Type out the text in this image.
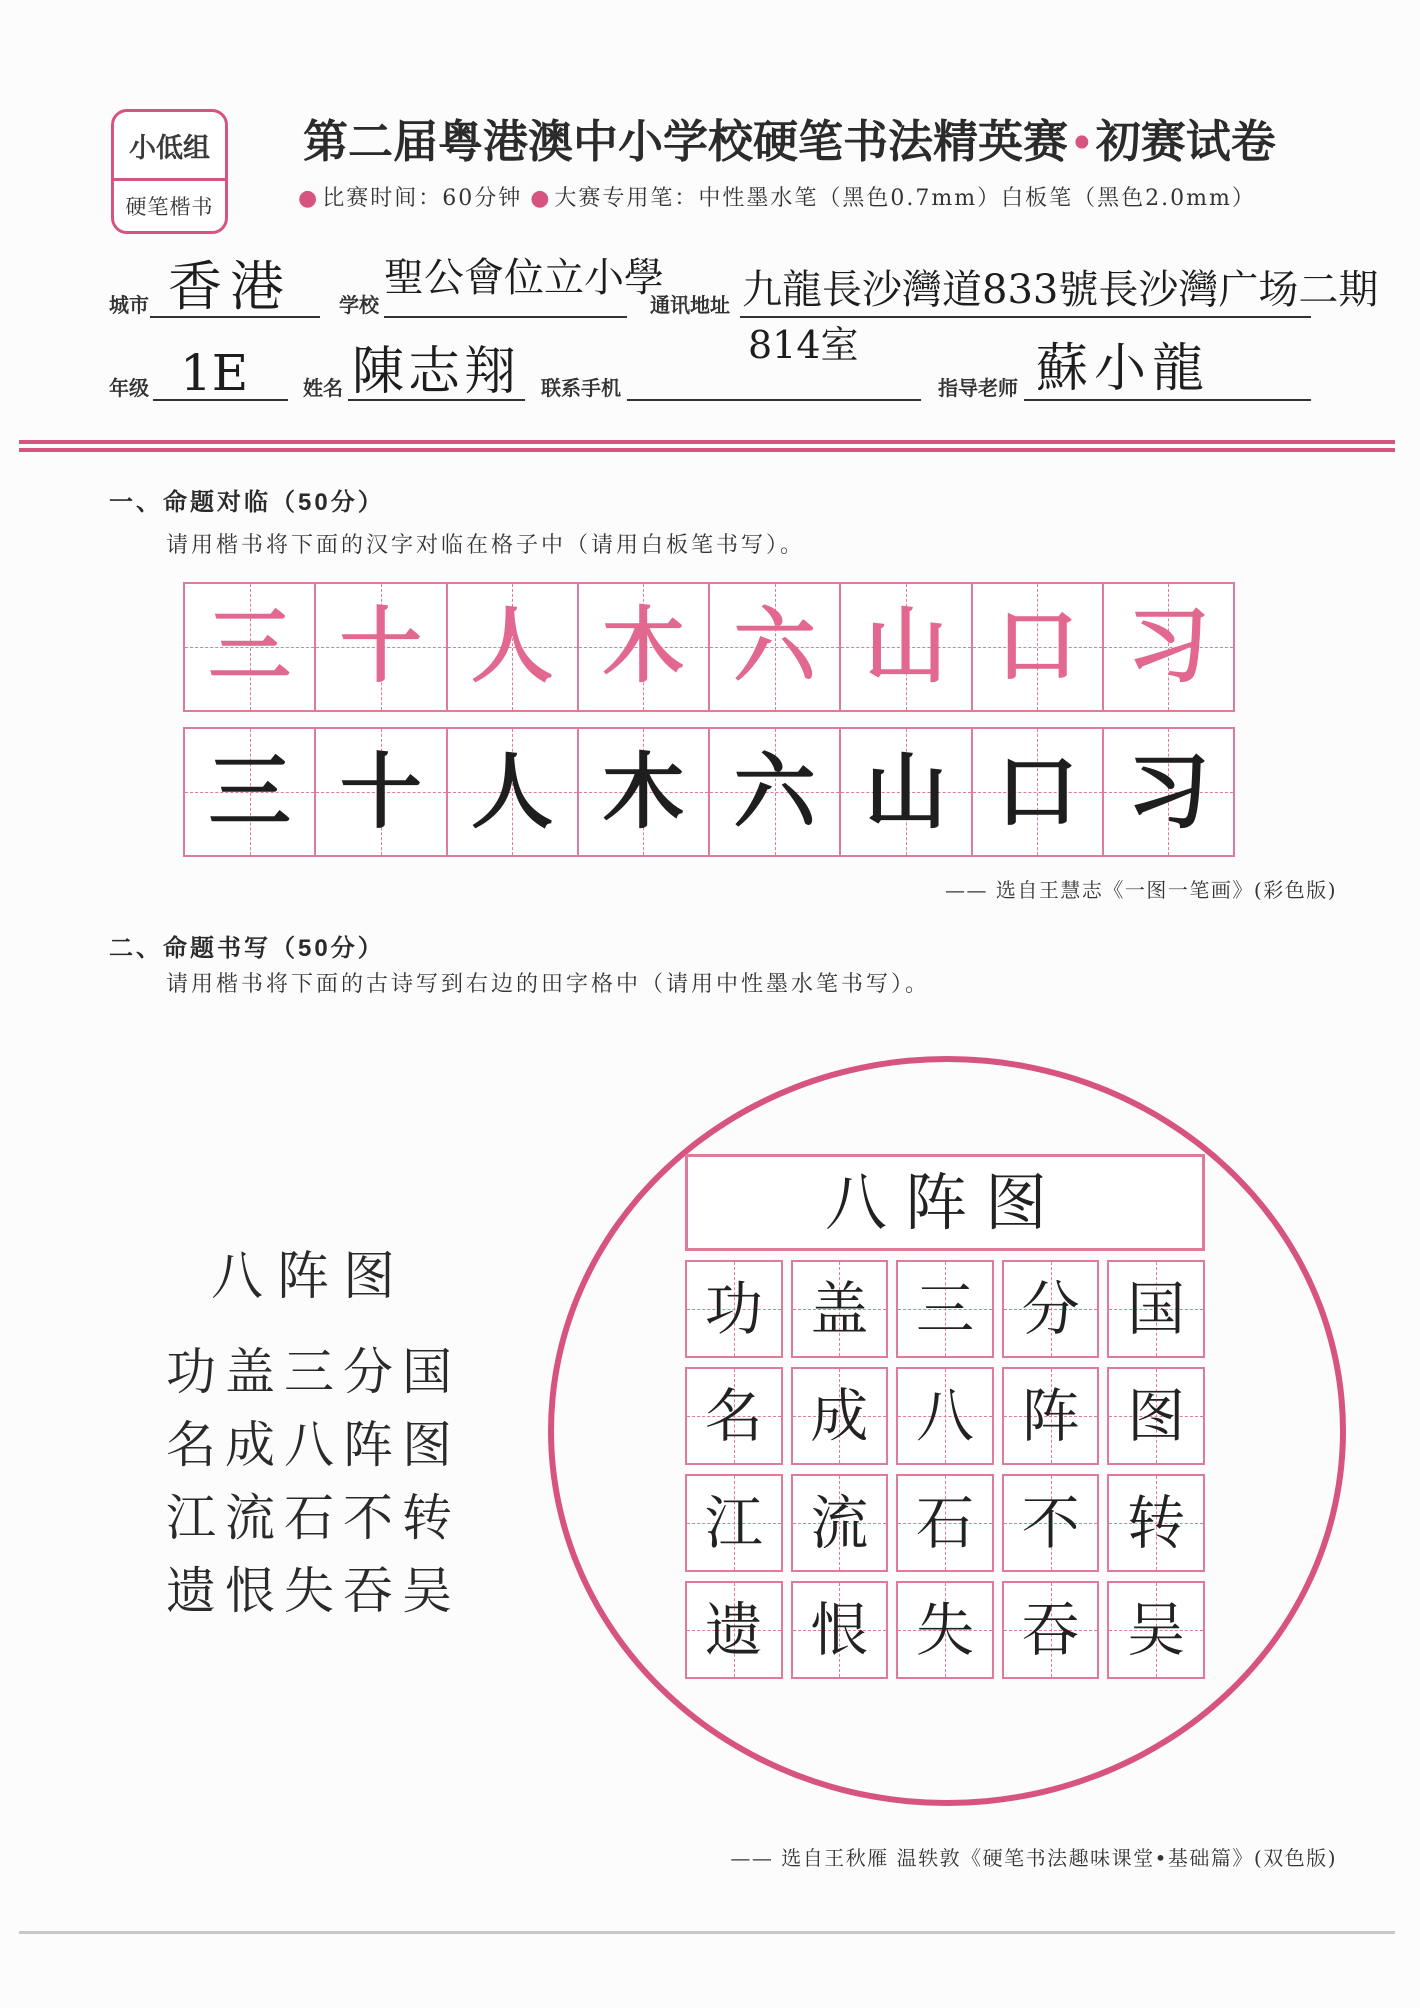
小低组
硬笔楷书
第二届粤港澳中小学校硬笔书法精英赛 • 初赛试卷
● 比赛时间：60分钟 ● 大赛专用笔：中性墨水笔（黑色0.7mm）白板笔（黑色2.0mm）
城市 香港 学校
聖公會位立小學
通讯地址 九龍長沙灣道833號長沙灣广场二期
814室
年级 1E	姓名 陳志翔 联系手机	指导老师 蘇小龍
一、命题对临（50分）
请用楷书将下面的汉字对临在格子中（请用白板笔书写）。
三 十 人 木 六 山 口 习
三 十 人 木 六 山 口 习
—— 选自王慧志《一图一笔画》(彩色版)
二、命题书写（50分）
请用楷书将下面的古诗写到右边的田字格中（请用中性墨水笔书写）。
八阵图
功盖三分国
名成八阵图
江流石不转
遗恨失吞吴
八阵图
功 盖 三 分 国
名 成 八 阵 图
江 流 石 不 转
遗 恨 失 吞 吴
—— 选自王秋雁 温轶敦《硬笔书法趣味课堂•基础篇》(双色版)
